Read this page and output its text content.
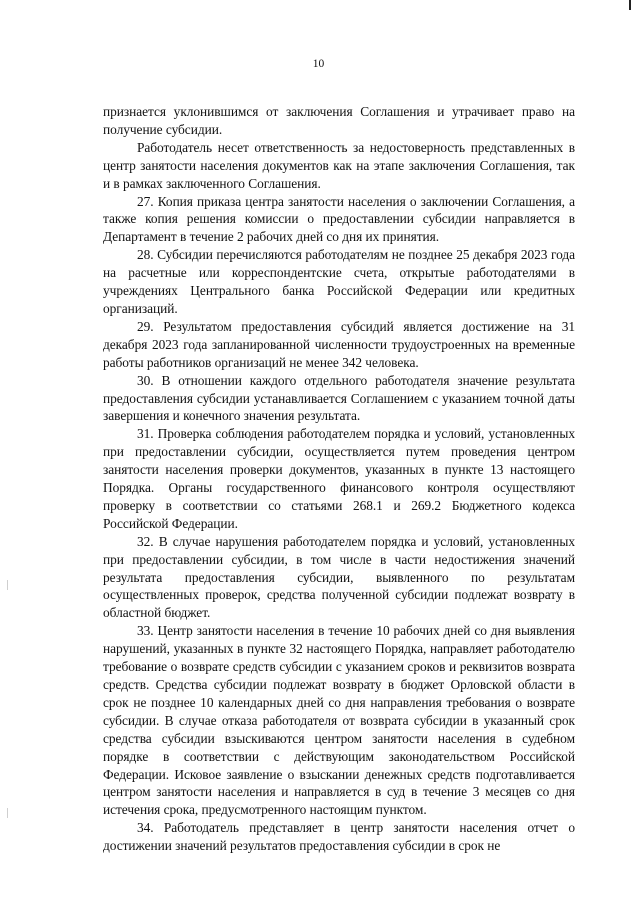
10

признается уклонившимся от заключения Соглашения и утрачивает право на получение субсидии.

Работодатель несет ответственность за недостоверность представленных в центр занятости населения документов как на этапе заключения Соглашения, так и в рамках заключенного Соглашения.

27. Копия приказа центра занятости населения о заключении Соглашения, а также копия решения комиссии о предоставлении субсидии направляется в Департамент в течение 2 рабочих дней со дня их принятия.

28. Субсидии перечисляются работодателям не позднее 25 декабря 2023 года на расчетные или корреспондентские счета, открытые работодателями в учреждениях Центрального банка Российской Федерации или кредитных организаций.

29. Результатом предоставления субсидий является достижение на 31 декабря 2023 года запланированной численности трудоустроенных на временные работы работников организаций не менее 342 человека.

30. В отношении каждого отдельного работодателя значение результата предоставления субсидии устанавливается Соглашением с указанием точной даты завершения и конечного значения результата.

31. Проверка соблюдения работодателем порядка и условий, установленных при предоставлении субсидии, осуществляется путем проведения центром занятости населения проверки документов, указанных в пункте 13 настоящего Порядка. Органы государственного финансового контроля осуществляют проверку в соответствии со статьями 268.1 и 269.2 Бюджетного кодекса Российской Федерации.

32. В случае нарушения работодателем порядка и условий, установленных при предоставлении субсидии, в том числе в части недостижения значений результата предоставления субсидии, выявленного по результатам осуществленных проверок, средства полученной субсидии подлежат возврату в областной бюджет.

33. Центр занятости населения в течение 10 рабочих дней со дня выявления нарушений, указанных в пункте 32 настоящего Порядка, направляет работодателю требование о возврате средств субсидии с указанием сроков и реквизитов возврата средств. Средства субсидии подлежат возврату в бюджет Орловской области в срок не позднее 10 календарных дней со дня направления требования о возврате субсидии. В случае отказа работодателя от возврата субсидии в указанный срок средства субсидии взыскиваются центром занятости населения в судебном порядке в соответствии с действующим законодательством Российской Федерации. Исковое заявление о взыскании денежных средств подготавливается центром занятости населения и направляется в суд в течение 3 месяцев со дня истечения срока, предусмотренного настоящим пунктом.

34. Работодатель представляет в центр занятости населения отчет о достижении значений результатов предоставления субсидии в срок не
